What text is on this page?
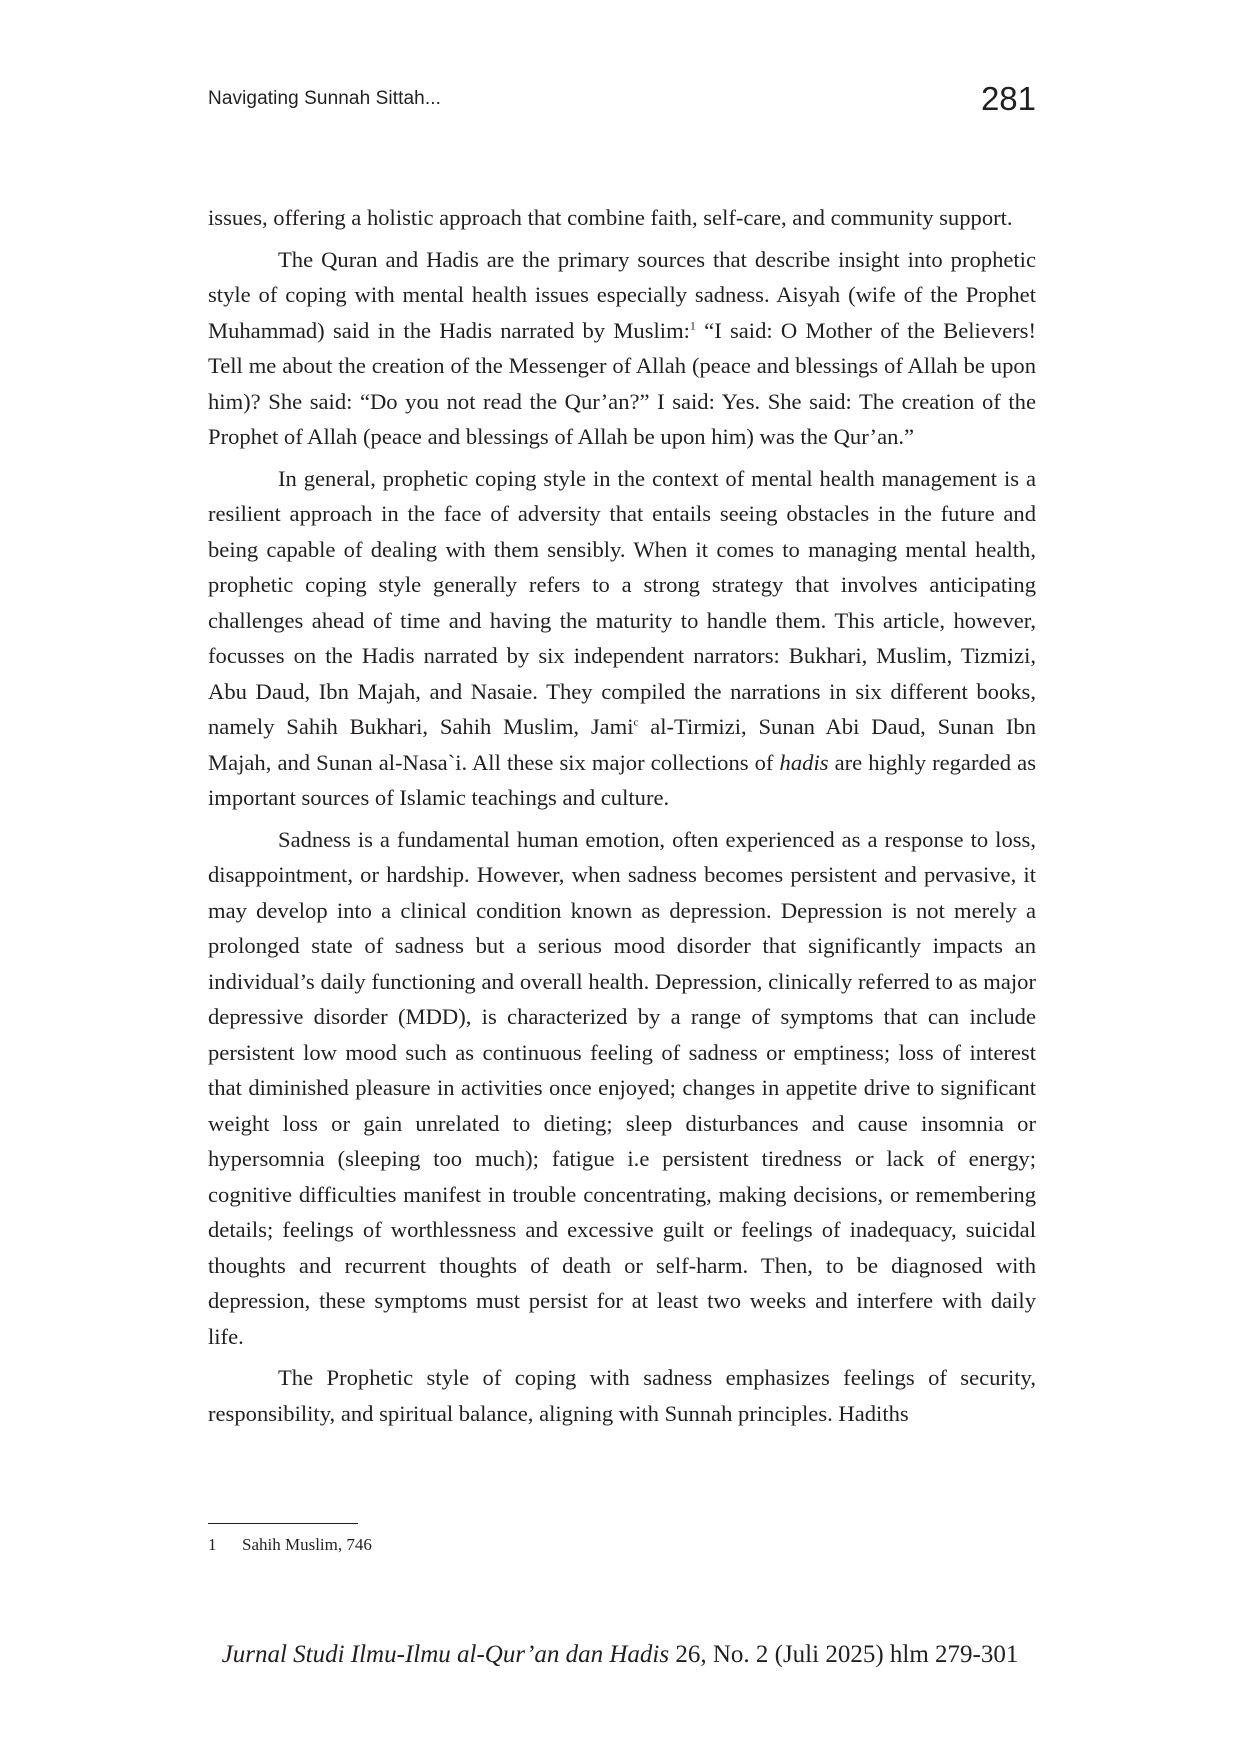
Navigating Sunnah Sittah...	281

issues, offering a holistic approach that combine faith, self-care, and community support.

The Quran and Hadis are the primary sources that describe insight into prophetic style of coping with mental health issues especially sadness. Aisyah (wife of the Prophet Muhammad) said in the Hadis narrated by Muslim:$^1$ “I said: O Mother of the Believers! Tell me about the creation of the Messenger of Allah (peace and blessings of Allah be upon him)? She said: “Do you not read the Qur’an?” I said: Yes. She said: The creation of the Prophet of Allah (peace and blessings of Allah be upon him) was the Qur’an.”

In general, prophetic coping style in the context of mental health management is a resilient approach in the face of adversity that entails seeing obstacles in the future and being capable of dealing with them sensibly. When it comes to managing mental health, prophetic coping style generally refers to a strong strategy that involves anticipating challenges ahead of time and having the maturity to handle them. This article, however, focusses on the Hadis narrated by six independent narrators: Bukhari, Muslim, Tizmizi, Abu Daud, Ibn Majah, and Nasaie. They compiled the narrations in six different books, namely Sahih Bukhari, Sahih Muslim, Jami$^c$ al-Tirmizi, Sunan Abi Daud, Sunan Ibn Majah, and Sunan al-Nasa`i. All these six major collections of hadis are highly regarded as important sources of Islamic teachings and culture.

Sadness is a fundamental human emotion, often experienced as a response to loss, disappointment, or hardship. However, when sadness becomes persistent and pervasive, it may develop into a clinical condition known as depression. Depression is not merely a prolonged state of sadness but a serious mood disorder that significantly impacts an individual’s daily functioning and overall health. Depression, clinically referred to as major depressive disorder (MDD), is characterized by a range of symptoms that can include persistent low mood such as continuous feeling of sadness or emptiness; loss of interest that diminished pleasure in activities once enjoyed; changes in appetite drive to significant weight loss or gain unrelated to dieting; sleep disturbances and cause insomnia or hypersomnia (sleeping too much); fatigue i.e persistent tiredness or lack of energy; cognitive difficulties manifest in trouble concentrating, making decisions, or remembering details; feelings of worthlessness and excessive guilt or feelings of inadequacy, suicidal thoughts and recurrent thoughts of death or self-harm. Then, to be diagnosed with depression, these symptoms must persist for at least two weeks and interfere with daily life.

The Prophetic style of coping with sadness emphasizes feelings of security, responsibility, and spiritual balance, aligning with Sunnah principles. Hadiths

1 Sahih Muslim, 746
Jurnal Studi Ilmu-Ilmu al-Qur’an dan Hadis 26, No. 2 (Juli 2025) hlm 279-301
